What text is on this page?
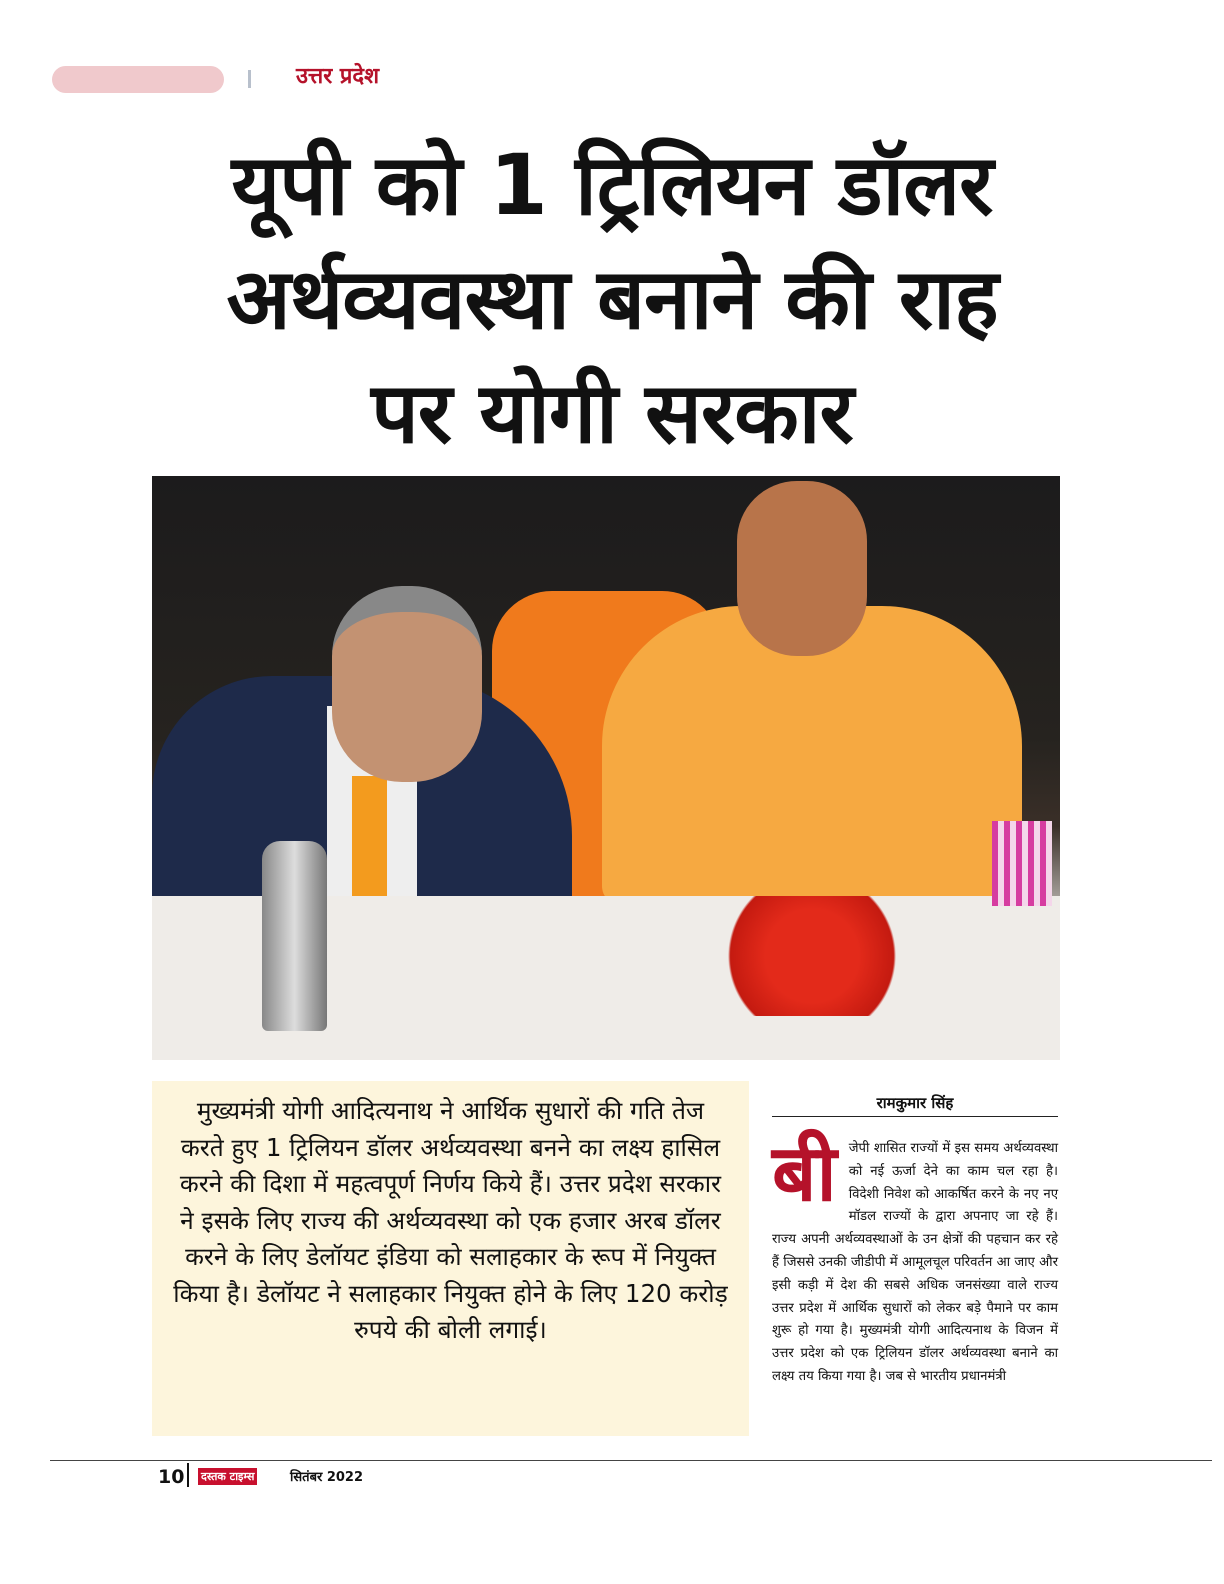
उत्तर प्रदेश
यूपी को 1 ट्रिलियन डॉलर
अर्थव्यवस्था बनाने की राह
पर योगी सरकार

मुख्यमंत्री योगी आदित्यनाथ ने आर्थिक सुधारों की गति तेज करते हुए 1 ट्रिलियन डॉलर अर्थव्यवस्था बनने का लक्ष्य हासिल करने की दिशा में महत्वपूर्ण निर्णय किये हैं। उत्तर प्रदेश सरकार ने इसके लिए राज्य की अर्थव्यवस्था को एक हजार अरब डॉलर करने के लिए डेलॉयट इंडिया को सलाहकार के रूप में नियुक्त किया है। डेलॉयट ने सलाहकार नियुक्त होने के लिए 120 करोड़ रुपये की बोली लगाई।

रामकुमार सिंह
बी जेपी शासित राज्यों में इस समय अर्थव्यवस्था को नई ऊर्जा देने का काम चल रहा है। विदेशी निवेश को आकर्षित करने के नए नए मॉडल राज्यों के द्वारा अपनाए जा रहे हैं। राज्य अपनी अर्थव्यवस्थाओं के उन क्षेत्रों की पहचान कर रहे हैं जिससे उनकी जीडीपी में आमूलचूल परिवर्तन आ जाए और इसी कड़ी में देश की सबसे अधिक जनसंख्या वाले राज्य उत्तर प्रदेश में आर्थिक सुधारों को लेकर बड़े पैमाने पर काम शुरू हो गया है। मुख्यमंत्री योगी आदित्यनाथ के विजन में उत्तर प्रदेश को एक ट्रिलियन डॉलर अर्थव्यवस्था बनाने का लक्ष्य तय किया गया है। जब से भारतीय प्रधानमंत्री
10 दस्तक टाइम्स	सितंबर 2022
